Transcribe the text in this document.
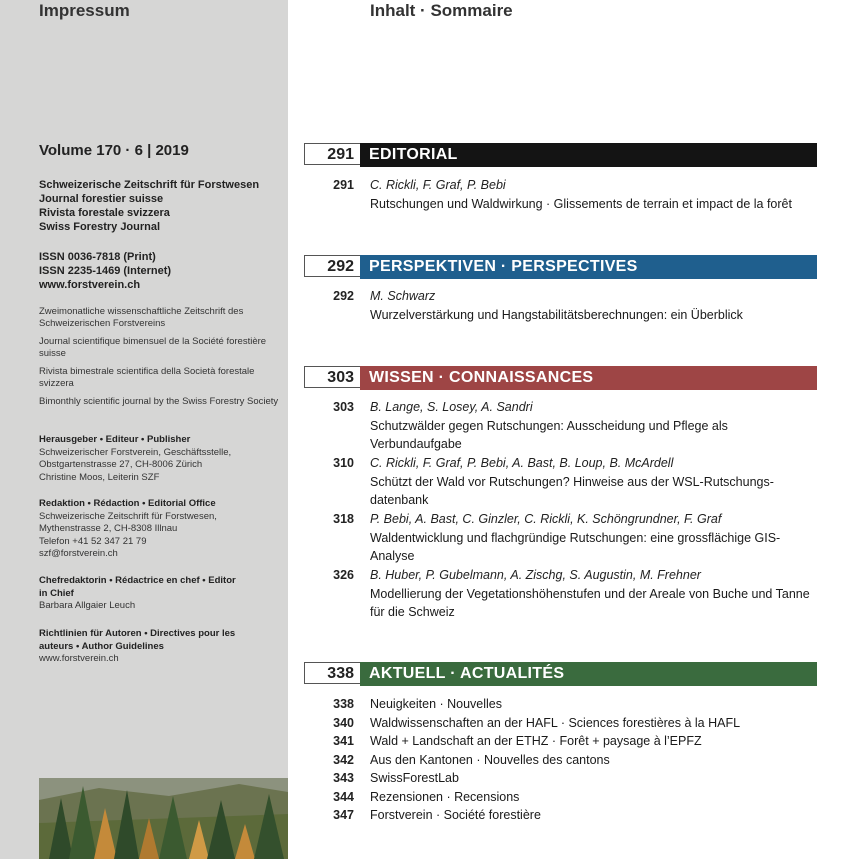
Impressum
Volume 170 · 6 | 2019
Schweizerische Zeitschrift für Forstwesen
Journal forestier suisse
Rivista forestale svizzera
Swiss Forestry Journal
ISSN 0036-7818 (Print)
ISSN 2235-1469 (Internet)
www.forstverein.ch
Zweimonatliche wissenschaftliche Zeitschrift des Schweizerischen Forstvereins
Journal scientifique bimensuel de la Société forestière suisse
Rivista bimestrale scientifica della Società forestale svizzera
Bimonthly scientific journal by the Swiss Forestry Society
Herausgeber • Editeur • Publisher
Schweizerischer Forstverein, Geschäftsstelle,
Obstgartenstrasse 27, CH-8006 Zürich
Christine Moos, Leiterin SZF
Redaktion • Rédaction • Editorial Office
Schweizerische Zeitschrift für Forstwesen,
Mythenstrasse 2, CH-8308 Illnau
Telefon +41 52 347 21 79
szf@forstverein.ch
Chefredaktorin • Rédactrice en chef • Editor in Chief
Barbara Allgaier Leuch
Richtlinien für Autoren • Directives pour les auteurs • Author Guidelines
www.forstverein.ch
Inhalt · Sommaire
291 EDITORIAL
291 C. Rickli, F. Graf, P. Bebi
Rutschungen und Waldwirkung · Glissements de terrain et impact de la forêt
292 PERSPEKTIVEN · PERSPECTIVES
292 M. Schwarz
Wurzelverstärkung und Hangstabilitätsberechnungen: ein Überblick
303 WISSEN · CONNAISSANCES
303 B. Lange, S. Losey, A. Sandri
Schutzwälder gegen Rutschungen: Ausscheidung und Pflege als Verbundaufgabe
310 C. Rickli, F. Graf, P. Bebi, A. Bast, B. Loup, B. McArdell
Schützt der Wald vor Rutschungen? Hinweise aus der WSL-Rutschungs-datenbank
318 P. Bebi, A. Bast, C. Ginzler, C. Rickli, K. Schöngrundner, F. Graf
Waldentwicklung und flachgründige Rutschungen: eine grossflächige GIS-Analyse
326 B. Huber, P. Gubelmann, A. Zischg, S. Augustin, M. Frehner
Modellierung der Vegetationshöhenstufen und der Areale von Buche und Tanne für die Schweiz
338 AKTUELL · ACTUALITÉS
338 Neuigkeiten · Nouvelles
340 Waldwissenschaften an der HAFL · Sciences forestières à la HAFL
341 Wald + Landschaft an der ETHZ · Forêt + paysage à l’EPFZ
342 Aus den Kantonen · Nouvelles des cantons
343 SwissForestLab
344 Rezensionen · Recensions
347 Forstverein · Société forestière
